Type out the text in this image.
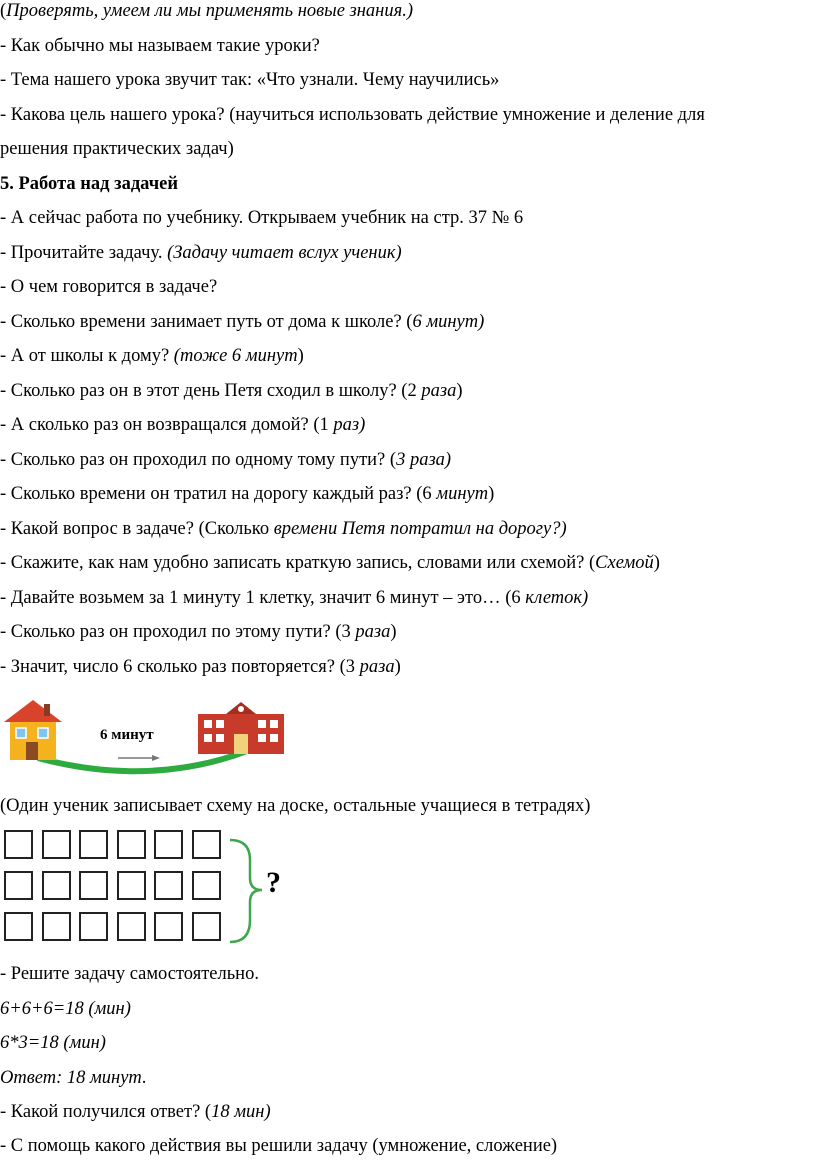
(Проверять, умеем ли мы применять новые знания.)
- Как обычно мы называем такие уроки?
- Тема нашего урока звучит так: «Что узнали. Чему научились»
- Какова цель нашего урока? (научиться использовать действие умножение и деление для
решения практических задач)
5. Работа над задачей
- А сейчас работа по учебнику. Открываем учебник на стр. 37 № 6
- Прочитайте задачу. (Задачу читает вслух ученик)
- О чем говорится в задаче?
- Сколько времени занимает путь от дома к школе? (6 минут)
- А от школы к дому? (тоже 6 минут)
- Сколько раз он в этот день Петя сходил в школу? (2 раза)
- А сколько раз он возвращался домой? (1 раз)
- Сколько раз он проходил по одному тому пути? (3 раза)
- Сколько времени он тратил на дорогу каждый раз? (6 минут)
- Какой вопрос в задаче? (Сколько времени Петя потратил на дорогу?)
- Скажите, как нам удобно записать краткую запись, словами или схемой? (Схемой)
- Давайте возьмем за 1 минуту 1 клетку, значит 6 минут – это… (6 клеток)
- Сколько раз он проходил по этому пути? (3 раза)
- Значит, число 6 сколько раз повторяется? (3 раза)
6 минут
(Один ученик записывает схему на доске, остальные учащиеся в тетрадях)
?
- Решите задачу самостоятельно.
6+6+6=18 (мин)
6*3=18 (мин)
Ответ: 18 минут.
- Какой получился ответ? (18 мин)
- С помощь какого действия вы решили задачу (умножение, сложение)
